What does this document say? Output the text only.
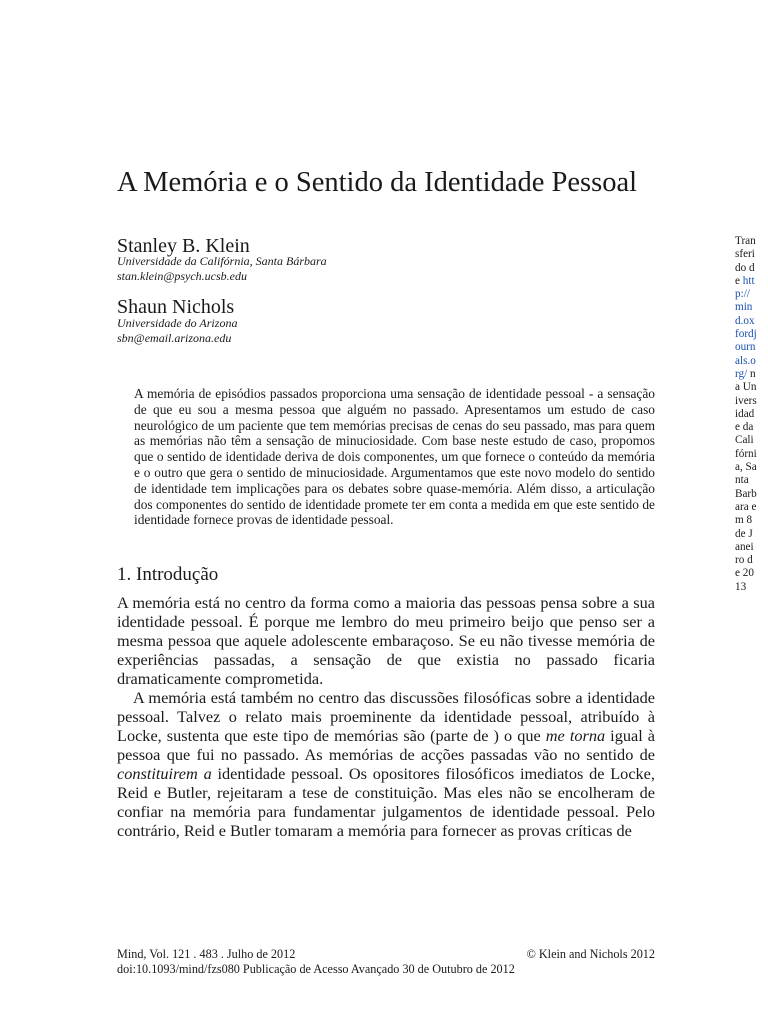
A Memória e o Sentido da Identidade Pessoal
Stanley B. Klein
Universidade da Califórnia, Santa Bárbara
stan.klein@psych.ucsb.edu
Shaun Nichols
Universidade do Arizona
sbn@email.arizona.edu

A memória de episódios passados proporciona uma sensação de identidade pessoal - a sensação de que eu sou a mesma pessoa que alguém no passado. Apresentamos um estudo de caso neurológico de um paciente que tem memórias precisas de cenas do seu passado, mas para quem as memórias não têm a sensação de minuciosidade. Com base neste estudo de caso, propomos que o sentido de identidade deriva de dois componentes, um que fornece o conteúdo da memória e o outro que gera o sentido de minuciosidade. Argumentamos que este novo modelo do sentido de identidade tem implicações para os debates sobre quase-memória. Além disso, a articulação dos componentes do sentido de identidade promete ter em conta a medida em que este sentido de identidade fornece provas de identidade pessoal.

1. Introdução

A memória está no centro da forma como a maioria das pessoas pensa sobre a sua identidade pessoal. É porque me lembro do meu primeiro beijo que penso ser a mesma pessoa que aquele adolescente embaraçoso. Se eu não tivesse memória de experiências passadas, a sensação de que existia no passado ficaria dramaticamente comprometida.

A memória está também no centro das discussões filosóficas sobre a identidade pessoal. Talvez o relato mais proeminente da identidade pessoal, atribuído à Locke, sustenta que este tipo de memórias são (parte de ) o que me torna igual à pessoa que fui no passado. As memórias de acções passadas vão no sentido de constituirem a identidade pessoal. Os opositores filosóficos imediatos de Locke, Reid e Butler, rejeitaram a tese de constituição. Mas eles não se encolheram de confiar na memória para fundamentar julgamentos de identidade pessoal. Pelo contrário, Reid e Butler tomaram a memória para fornecer as provas críticas de

Mind, Vol. 121 . 483 . Julho de 2012
doi:10.1093/mind/fzs080 Publicação de Acesso Avançado 30 de Outubro de 2012
© Klein and Nichols 2012
Transferido de http://mind.oxfordjournals.org/ na Universidade da Califórnia, Santa Barbara em 8 de Janeiro de 2013
